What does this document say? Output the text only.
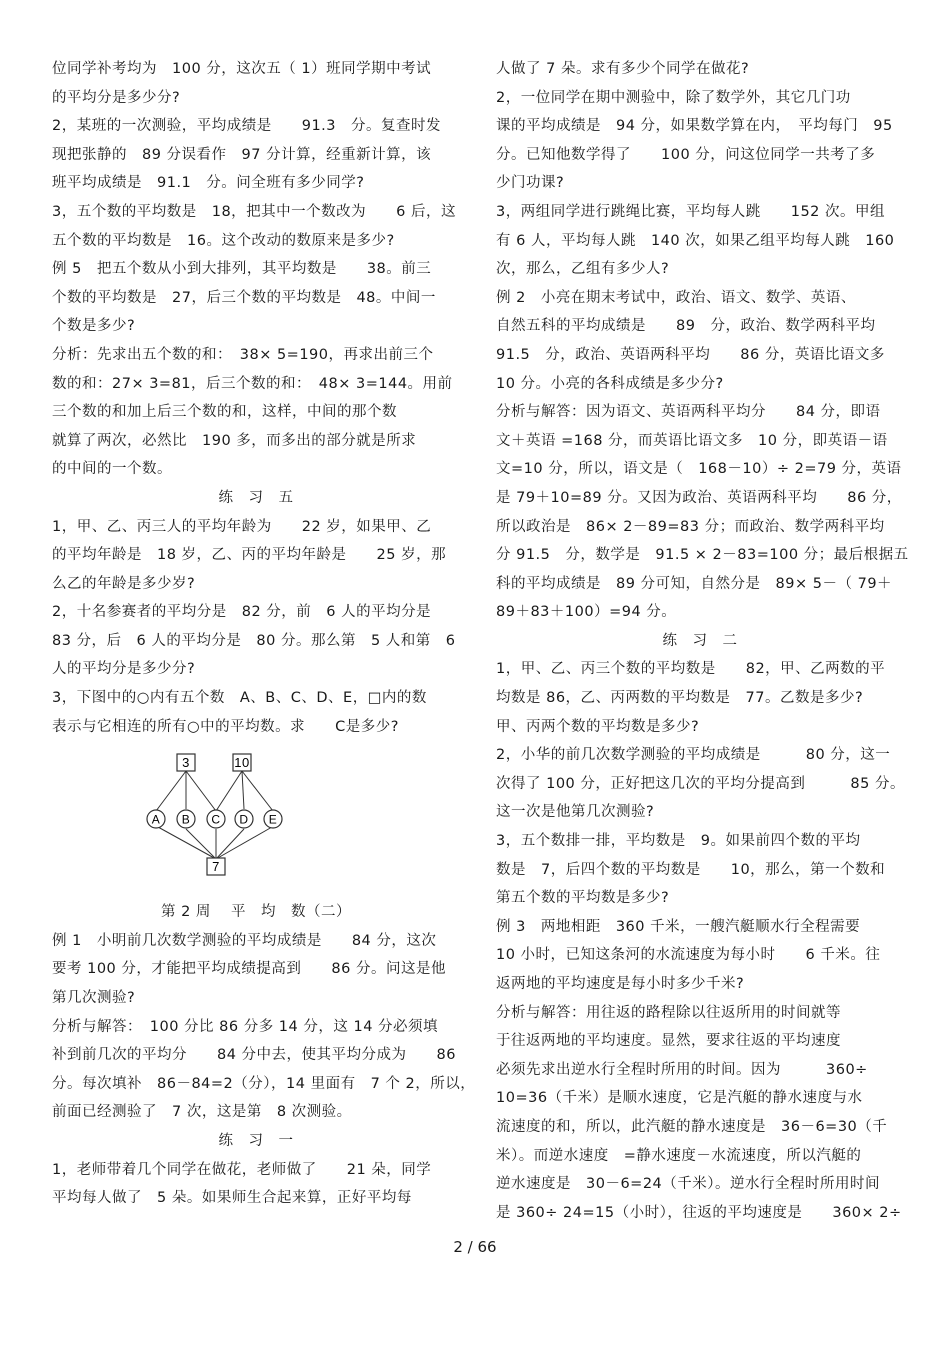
位同学补考均为　100 分，这次五（ 1）班同学期中考试
的平均分是多少分?
2，某班的一次测验，平均成绩是　　91.3　分。复查时发
现把张静的　89 分误看作　97 分计算，经重新计算，该
班平均成绩是　91.1　分。问全班有多少同学?
3，五个数的平均数是　18，把其中一个数改为　　6 后，这
五个数的平均数是　16。这个改动的数原来是多少?
例 5　把五个数从小到大排列，其平均数是　　38。前三
个数的平均数是　27，后三个数的平均数是　48。中间一
个数是多少?
分析：先求出五个数的和：　38× 5=190，再求出前三个
数的和：27× 3=81，后三个数的和：　48× 3=144。用前
三个数的和加上后三个数的和，这样，中间的那个数
就算了两次，必然比　190 多，而多出的部分就是所求
的中间的一个数。
练　习　五
1，甲、乙、丙三人的平均年龄为　　22 岁，如果甲、乙
的平均年龄是　18 岁，乙、丙的平均年龄是　　25 岁，那
么乙的年龄是多少岁?
2，十名参赛者的平均分是　82 分，前　6 人的平均分是
83 分，后　6 人的平均分是　80 分。那么第　5 人和第　6
人的平均分是多少分?
3，下图中的○内有五个数　A、B、C、D、E，□内的数
表示与它相连的所有○中的平均数。求　　C是多少?
3	10
A B C D E
7
第 2 周　 平　均　数（二）
例 1　小明前几次数学测验的平均成绩是　　84 分，这次
要考 100 分，才能把平均成绩提高到　　86 分。问这是他
第几次测验?
分析与解答：　100 分比 86 分多 14 分，这 14 分必须填
补到前几次的平均分　　84 分中去，使其平均分成为　　86
分。每次填补　86－84=2（分），14 里面有　7 个 2，所以，
前面已经测验了　7 次，这是第　8 次测验。
练　习　一
1，老师带着几个同学在做花，老师做了　　21 朵，同学
平均每人做了　5 朵。如果师生合起来算，正好平均每
人做了 7 朵。求有多少个同学在做花?
2，一位同学在期中测验中，除了数学外，其它几门功
课的平均成绩是　94 分，如果数学算在内，　平均每门　95
分。已知他数学得了　　100 分，问这位同学一共考了多
少门功课?
3，两组同学进行跳绳比赛，平均每人跳　　152 次。甲组
有 6 人，平均每人跳　140 次，如果乙组平均每人跳　160
次，那么，乙组有多少人?
例 2　小亮在期末考试中，政治、语文、数学、英语、
自然五科的平均成绩是　　89　分，政治、数学两科平均
91.5　分，政治、英语两科平均　　86 分，英语比语文多
10 分。小亮的各科成绩是多少分?
分析与解答：因为语文、英语两科平均分　　84 分，即语
文＋英语 =168 分，而英语比语文多　10 分，即英语－语
文=10 分，所以，语文是（　168－10）÷ 2=79 分，英语
是 79＋10=89 分。又因为政治、英语两科平均　　86 分，
所以政治是　86× 2－89=83 分；而政治、数学两科平均
分 91.5　分，数学是　91.5 × 2－83=100 分；最后根据五
科的平均成绩是　89 分可知，自然分是　89× 5－（ 79＋
89＋83＋100）=94 分。
练　习　二
1，甲、乙、丙三个数的平均数是　　82，甲、乙两数的平
均数是 86，乙、丙两数的平均数是　77。乙数是多少?
甲、丙两个数的平均数是多少?
2，小华的前几次数学测验的平均成绩是　　　80 分，这一
次得了 100 分，正好把这几次的平均分提高到　　　85 分。
这一次是他第几次测验?
3，五个数排一排，平均数是　9。如果前四个数的平均
数是　7，后四个数的平均数是　　10，那么，第一个数和
第五个数的平均数是多少?
例 3　两地相距　360 千米，一艘汽艇顺水行全程需要
10 小时，已知这条河的水流速度为每小时　　6 千米。往
返两地的平均速度是每小时多少千米?
分析与解答：用往返的路程除以往返所用的时间就等
于往返两地的平均速度。显然，要求往返的平均速度
必须先求出逆水行全程时所用的时间。因为　　　360÷
10=36（千米）是顺水速度，它是汽艇的静水速度与水
流速度的和，所以，此汽艇的静水速度是　36－6=30（千
米）。而逆水速度　=静水速度－水流速度，所以汽艇的
逆水速度是　30－6=24（千米）。逆水行全程时所用时间
是 360÷ 24=15（小时），往返的平均速度是　　360× 2÷
2 / 66
